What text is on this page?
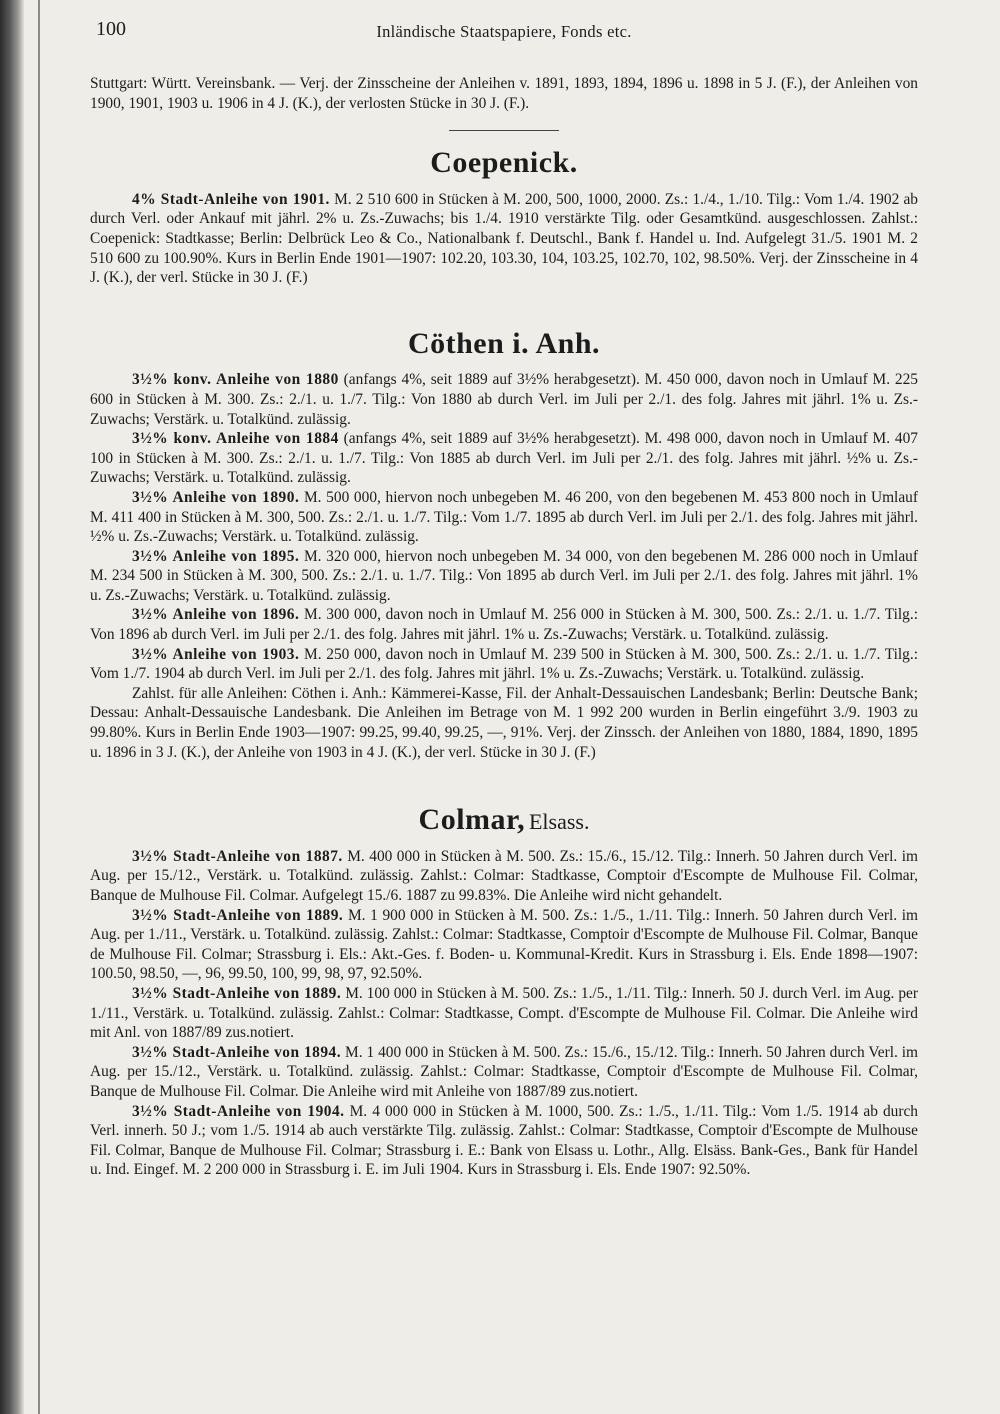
100	Inländische Staatspapiere, Fonds etc.

Stuttgart: Württ. Vereinsbank. — Verj. der Zinsscheine der Anleihen v. 1891, 1893, 1894, 1896 u. 1898 in 5 J. (F.), der Anleihen von 1900, 1901, 1903 u. 1906 in 4 J. (K.), der verlosten Stücke in 30 J. (F.).

Coepenick.

4% Stadt-Anleihe von 1901. M. 2 510 600 in Stücken à M. 200, 500, 1000, 2000. Zs.: 1./4., 1./10. Tilg.: Vom 1./4. 1902 ab durch Verl. oder Ankauf mit jährl. 2% u. Zs.-Zuwachs; bis 1./4. 1910 verstärkte Tilg. oder Gesamtkünd. ausgeschlossen. Zahlst.: Coepenick: Stadtkasse; Berlin: Delbrück Leo & Co., Nationalbank f. Deutschl., Bank f. Handel u. Ind. Aufgelegt 31./5. 1901 M. 2 510 600 zu 100.90%. Kurs in Berlin Ende 1901—1907: 102.20, 103.30, 104, 103.25, 102.70, 102, 98.50%. Verj. der Zinsscheine in 4 J. (K.), der verl. Stücke in 30 J. (F.)

Cöthen i. Anh.

3½% konv. Anleihe von 1880 (anfangs 4%, seit 1889 auf 3½% herabgesetzt). M. 450 000, davon noch in Umlauf M. 225 600 in Stücken à M. 300. Zs.: 2./1. u. 1./7. Tilg.: Von 1880 ab durch Verl. im Juli per 2./1. des folg. Jahres mit jährl. 1% u. Zs.-Zuwachs; Verstärk. u. Totalkünd. zulässig.

3½% konv. Anleihe von 1884 (anfangs 4%, seit 1889 auf 3½% herabgesetzt). M. 498 000, davon noch in Umlauf M. 407 100 in Stücken à M. 300. Zs.: 2./1. u. 1./7. Tilg.: Von 1885 ab durch Verl. im Juli per 2./1. des folg. Jahres mit jährl. ½% u. Zs.-Zuwachs; Verstärk. u. Totalkünd. zulässig.

3½% Anleihe von 1890. M. 500 000, hiervon noch unbegeben M. 46 200, von den begebenen M. 453 800 noch in Umlauf M. 411 400 in Stücken à M. 300, 500. Zs.: 2./1. u. 1./7. Tilg.: Vom 1./7. 1895 ab durch Verl. im Juli per 2./1. des folg. Jahres mit jährl. ½% u. Zs.-Zuwachs; Verstärk. u. Totalkünd. zulässig.

3½% Anleihe von 1895. M. 320 000, hiervon noch unbegeben M. 34 000, von den begebenen M. 286 000 noch in Umlauf M. 234 500 in Stücken à M. 300, 500. Zs.: 2./1. u. 1./7. Tilg.: Von 1895 ab durch Verl. im Juli per 2./1. des folg. Jahres mit jährl. 1% u. Zs.-Zuwachs; Verstärk. u. Totalkünd. zulässig.

3½% Anleihe von 1896. M. 300 000, davon noch in Umlauf M. 256 000 in Stücken à M. 300, 500. Zs.: 2./1. u. 1./7. Tilg.: Von 1896 ab durch Verl. im Juli per 2./1. des folg. Jahres mit jährl. 1% u. Zs.-Zuwachs; Verstärk. u. Totalkünd. zulässig.

3½% Anleihe von 1903. M. 250 000, davon noch in Umlauf M. 239 500 in Stücken à M. 300, 500. Zs.: 2./1. u. 1./7. Tilg.: Vom 1./7. 1904 ab durch Verl. im Juli per 2./1. des folg. Jahres mit jährl. 1% u. Zs.-Zuwachs; Verstärk. u. Totalkünd. zulässig.

Zahlst. für alle Anleihen: Cöthen i. Anh.: Kämmerei-Kasse, Fil. der Anhalt-Dessauischen Landesbank; Berlin: Deutsche Bank; Dessau: Anhalt-Dessauische Landesbank. Die Anleihen im Betrage von M. 1 992 200 wurden in Berlin eingeführt 3./9. 1903 zu 99.80%. Kurs in Berlin Ende 1903—1907: 99.25, 99.40, 99.25, —, 91%. Verj. der Zinssch. der Anleihen von 1880, 1884, 1890, 1895 u. 1896 in 3 J. (K.), der Anleihe von 1903 in 4 J. (K.), der verl. Stücke in 30 J. (F.)

Colmar, Elsass.

3½% Stadt-Anleihe von 1887. M. 400 000 in Stücken à M. 500. Zs.: 15./6., 15./12. Tilg.: Innerh. 50 Jahren durch Verl. im Aug. per 15./12., Verstärk. u. Totalkünd. zulässig. Zahlst.: Colmar: Stadtkasse, Comptoir d'Escompte de Mulhouse Fil. Colmar, Banque de Mulhouse Fil. Colmar. Aufgelegt 15./6. 1887 zu 99.83%. Die Anleihe wird nicht gehandelt.

3½% Stadt-Anleihe von 1889. M. 1 900 000 in Stücken à M. 500. Zs.: 1./5., 1./11. Tilg.: Innerh. 50 Jahren durch Verl. im Aug. per 1./11., Verstärk. u. Totalkünd. zulässig. Zahlst.: Colmar: Stadtkasse, Comptoir d'Escompte de Mulhouse Fil. Colmar, Banque de Mulhouse Fil. Colmar; Strassburg i. Els.: Akt.-Ges. f. Boden- u. Kommunal-Kredit. Kurs in Strassburg i. Els. Ende 1898—1907: 100.50, 98.50, —, 96, 99.50, 100, 99, 98, 97, 92.50%.

3½% Stadt-Anleihe von 1889. M. 100 000 in Stücken à M. 500. Zs.: 1./5., 1./11. Tilg.: Innerh. 50 J. durch Verl. im Aug. per 1./11., Verstärk. u. Totalkünd. zulässig. Zahlst.: Colmar: Stadtkasse, Compt. d'Escompte de Mulhouse Fil. Colmar. Die Anleihe wird mit Anl. von 1887/89 zus.notiert.

3½% Stadt-Anleihe von 1894. M. 1 400 000 in Stücken à M. 500. Zs.: 15./6., 15./12. Tilg.: Innerh. 50 Jahren durch Verl. im Aug. per 15./12., Verstärk. u. Totalkünd. zulässig. Zahlst.: Colmar: Stadtkasse, Comptoir d'Escompte de Mulhouse Fil. Colmar, Banque de Mulhouse Fil. Colmar. Die Anleihe wird mit Anleihe von 1887/89 zus.notiert.

3½% Stadt-Anleihe von 1904. M. 4 000 000 in Stücken à M. 1000, 500. Zs.: 1./5., 1./11. Tilg.: Vom 1./5. 1914 ab durch Verl. innerh. 50 J.; vom 1./5. 1914 ab auch verstärkte Tilg. zulässig. Zahlst.: Colmar: Stadtkasse, Comptoir d'Escompte de Mulhouse Fil. Colmar, Banque de Mulhouse Fil. Colmar; Strassburg i. E.: Bank von Elsass u. Lothr., Allg. Elsäss. Bank-Ges., Bank für Handel u. Ind. Eingef. M. 2 200 000 in Strassburg i. E. im Juli 1904. Kurs in Strassburg i. Els. Ende 1907: 92.50%.
